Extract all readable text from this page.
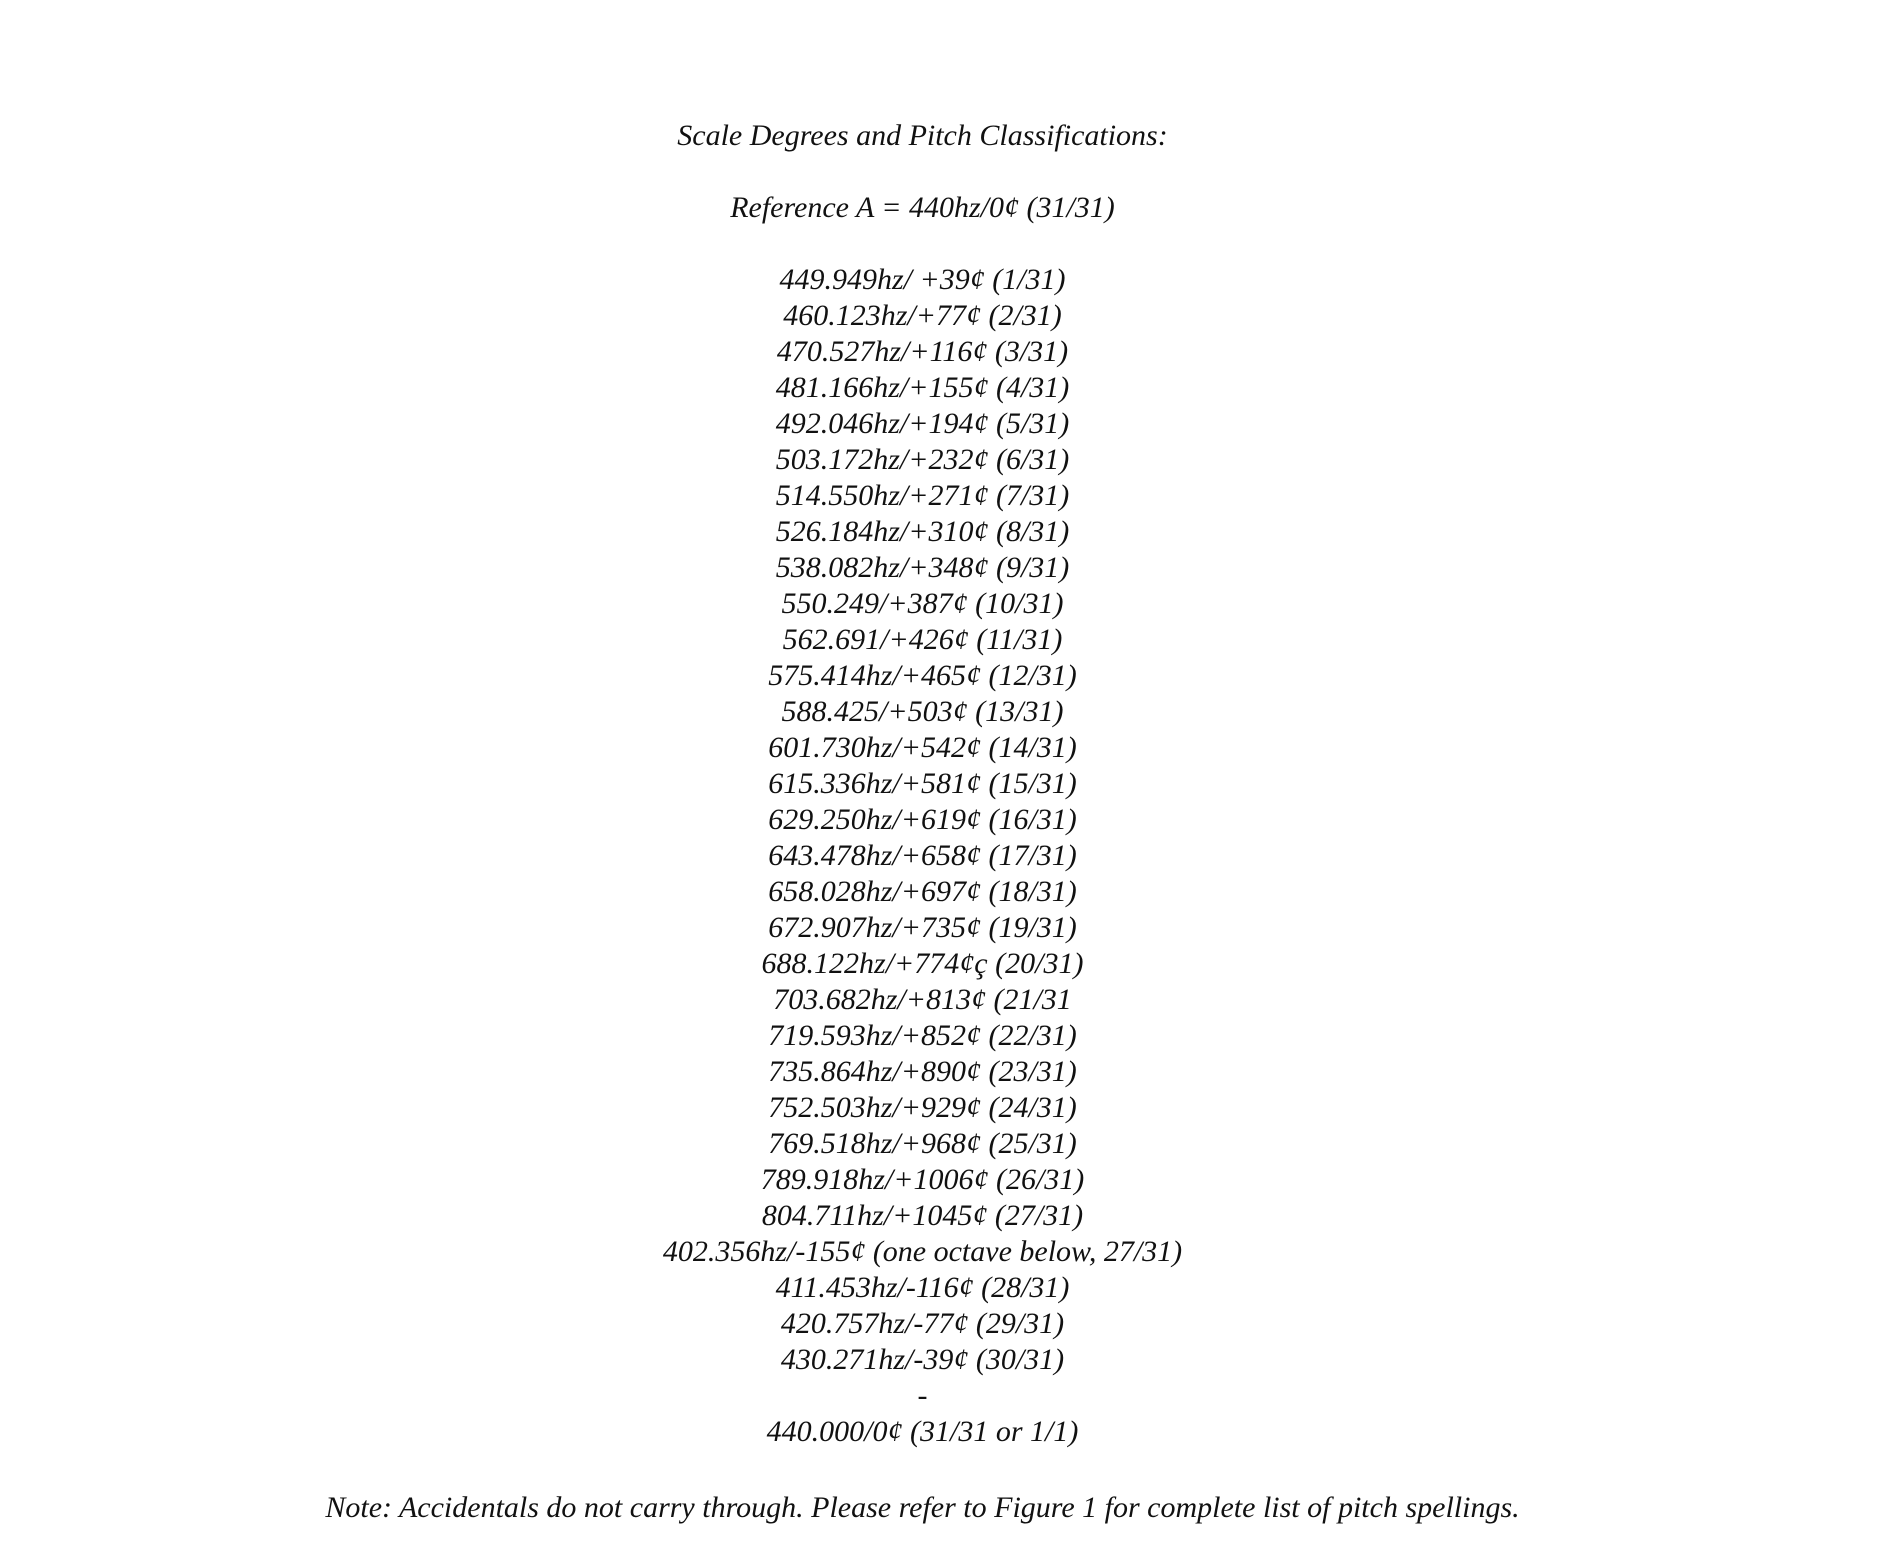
Scale Degrees and Pitch Classifications:
Reference A = 440hz/0¢ (31/31)
449.949hz/ +39¢ (1/31)
460.123hz/+77¢ (2/31)
470.527hz/+116¢ (3/31)
481.166hz/+155¢ (4/31)
492.046hz/+194¢ (5/31)
503.172hz/+232¢ (6/31)
514.550hz/+271¢ (7/31)
526.184hz/+310¢ (8/31)
538.082hz/+348¢ (9/31)
550.249/+387¢ (10/31)
562.691/+426¢ (11/31)
575.414hz/+465¢ (12/31)
588.425/+503¢ (13/31)
601.730hz/+542¢ (14/31)
615.336hz/+581¢ (15/31)
629.250hz/+619¢ (16/31)
643.478hz/+658¢ (17/31)
658.028hz/+697¢ (18/31)
672.907hz/+735¢ (19/31)
688.122hz/+774¢ç (20/31)
703.682hz/+813¢ (21/31
719.593hz/+852¢ (22/31)
735.864hz/+890¢ (23/31)
752.503hz/+929¢ (24/31)
769.518hz/+968¢ (25/31)
789.918hz/+1006¢ (26/31)
804.711hz/+1045¢ (27/31)
402.356hz/-155¢ (one octave below, 27/31)
411.453hz/-116¢ (28/31)
420.757hz/-77¢ (29/31)
430.271hz/-39¢ (30/31)
-
440.000/0¢ (31/31 or 1/1)
Note: Accidentals do not carry through. Please refer to Figure 1 for complete list of pitch spellings.
